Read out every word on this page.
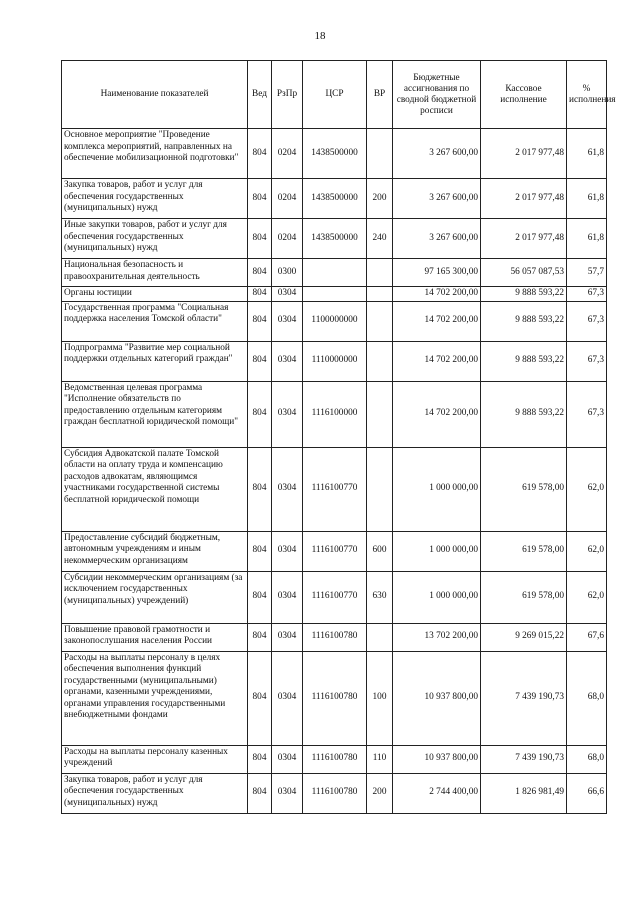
18
Наименование показателей	Вед	РзПр	ЦСР	ВР	Бюджетные ассигнования по сводной бюджетной росписи	Кассовое исполнение	% исполнения
Основное мероприятие "Проведение комплекса мероприятий, направленных на обеспечение мобилизационной подготовки"	804	0204	1438500000		3 267 600,00	2 017 977,48	61,8
Закупка товаров, работ и услуг для обеспечения государственных (муниципальных) нужд	804	0204	1438500000	200	3 267 600,00	2 017 977,48	61,8
Иные закупки товаров, работ и услуг для обеспечения государственных (муниципальных) нужд	804	0204	1438500000	240	3 267 600,00	2 017 977,48	61,8
Национальная безопасность и правоохранительная деятельность	804	0300			97 165 300,00	56 057 087,53	57,7
Органы юстиции	804	0304			14 702 200,00	9 888 593,22	67,3
Государственная программа "Социальная поддержка населения Томской области"	804	0304	1100000000		14 702 200,00	9 888 593,22	67,3
Подпрограмма "Развитие мер социальной поддержки отдельных категорий граждан"	804	0304	1110000000		14 702 200,00	9 888 593,22	67,3
Ведомственная целевая программа "Исполнение обязательств по предоставлению отдельным категориям граждан бесплатной юридической помощи"	804	0304	1116100000		14 702 200,00	9 888 593,22	67,3
Субсидия Адвокатской палате Томской области на оплату труда и компенсацию расходов адвокатам, являющимся участниками государственной системы бесплатной юридической помощи	804	0304	1116100770		1 000 000,00	619 578,00	62,0
Предоставление субсидий бюджетным, автономным учреждениям и иным некоммерческим организациям	804	0304	1116100770	600	1 000 000,00	619 578,00	62,0
Субсидии некоммерческим организациям (за исключением государственных (муниципальных) учреждений)	804	0304	1116100770	630	1 000 000,00	619 578,00	62,0
Повышение правовой грамотности и законопослушания населения России	804	0304	1116100780		13 702 200,00	9 269 015,22	67,6
Расходы на выплаты персоналу в целях обеспечения выполнения функций государственными (муниципальными) органами, казенными учреждениями, органами управления государственными внебюджетными фондами	804	0304	1116100780	100	10 937 800,00	7 439 190,73	68,0
Расходы на выплаты персоналу казенных учреждений	804	0304	1116100780	110	10 937 800,00	7 439 190,73	68,0
Закупка товаров, работ и услуг для обеспечения государственных (муниципальных) нужд	804	0304	1116100780	200	2 744 400,00	1 826 981,49	66,6
